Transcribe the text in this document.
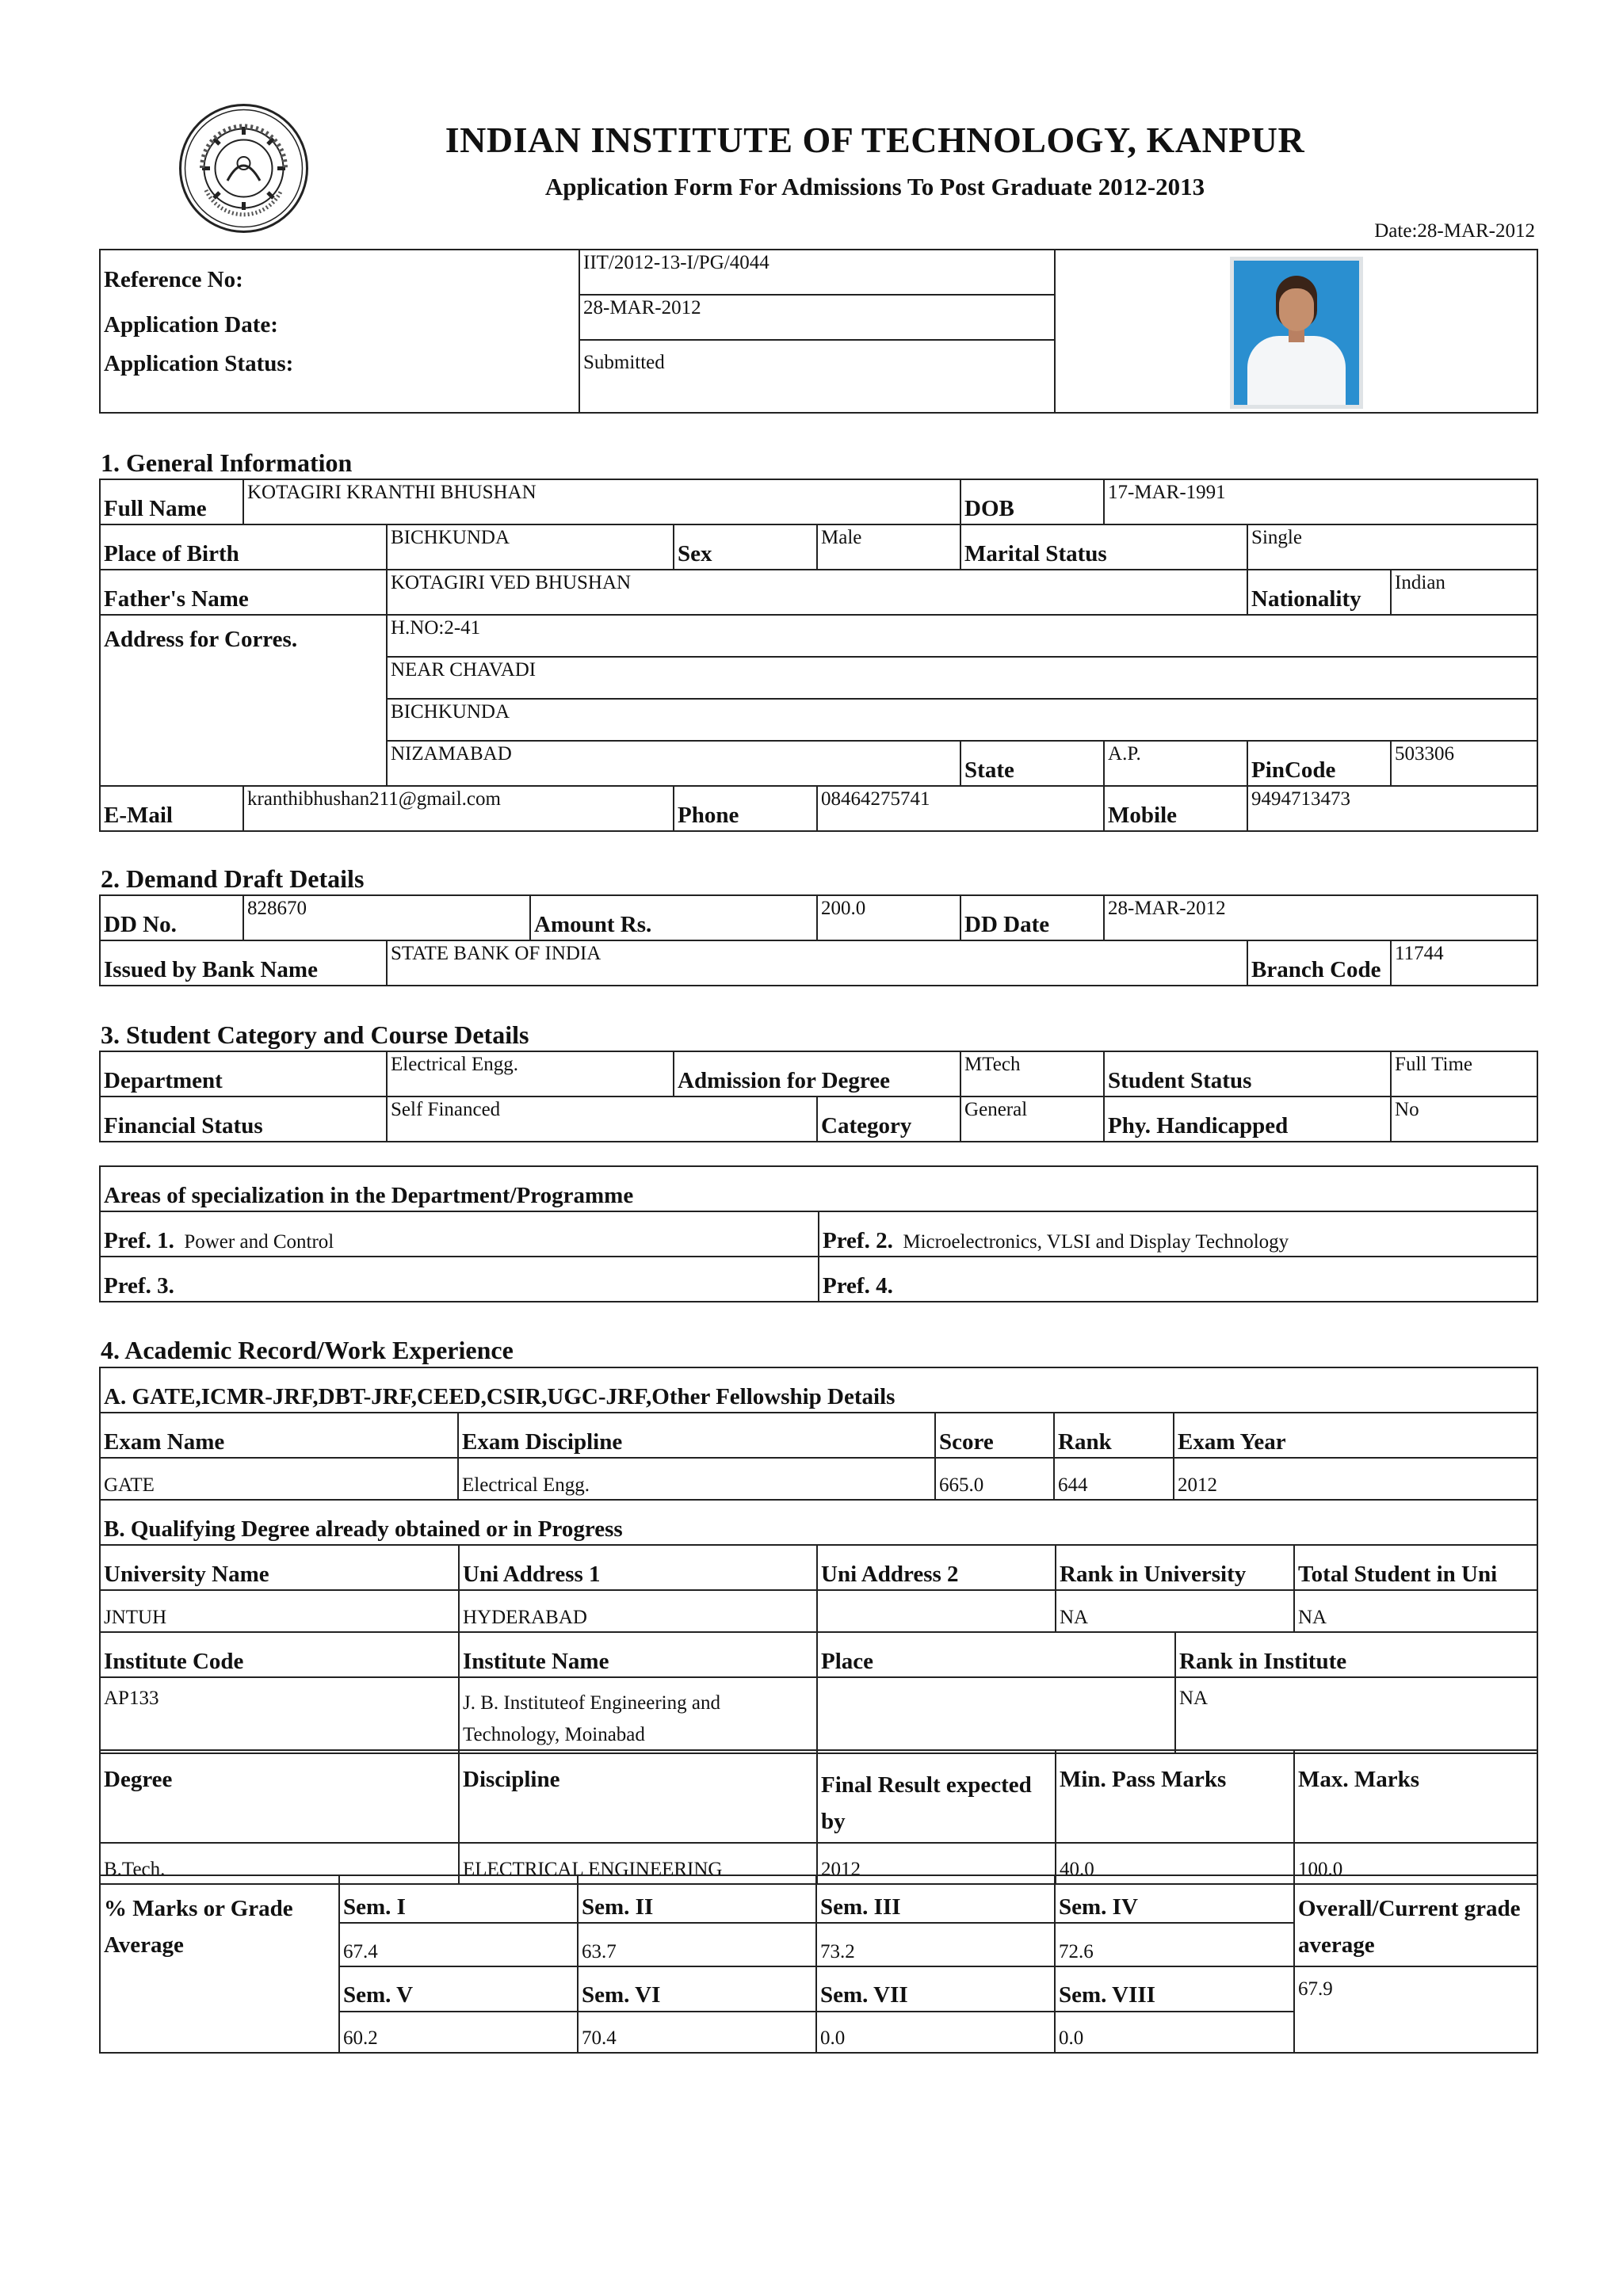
INDIAN INSTITUTE OF TECHNOLOGY, KANPUR
Application Form For Admissions To Post Graduate 2012-2013
Date:28-MAR-2012
Reference No:	IIT/2012-13-I/PG/4044	

Application Date:	28-MAR-2012	
Application Status:	Submitted	
1. General Information
Full Name	KOTAGIRI KRANTHI BHUSHAN				DOB	17-MAR-1991		
Place of Birth		BICHKUNDA	Sex	Male	Marital Status		Single	
Father's Name		KOTAGIRI VED BHUSHAN					Nationality	Indian
Address for Corres.		H.NO:2-41						
		NEAR CHAVADI						
		BICHKUNDA						
		NIZAMABAD			State	A.P.	PinCode	503306
E-Mail	kranthibhushan211@gmail.com		Phone	08464275741		Mobile	9494713473	
2. Demand Draft Details
DD No.	828670		Amount Rs.	200.0	DD Date	28-MAR-2012		
Issued by Bank Name		STATE BANK OF INDIA					Branch Code	11744
3. Student Category and Course Details
Department	Electrical Engg.	Admission for Degree		MTech	Student Status	Full Time
Financial Status	Self Financed		Category	General	Phy. Handicapped	No
Areas of specialization in the Department/Programme	
Pref. 1. Power and Control	Pref. 2. Microelectronics, VLSI and Display Technology
Pref. 3.	Pref. 4.
4. Academic Record/Work Experience
A. GATE,ICMR-JRF,DBT-JRF,CEED,CSIR,UGC-JRF,Other Fellowship Details				
Exam Name	Exam Discipline	Score	Rank	Exam Year
GATE	Electrical Engg.	665.0	644	2012
B. Qualifying Degree already obtained or in Progress				
University Name	Uni Address 1	Uni Address 2	Rank in University	Total Student in Uni
JNTUH	HYDERABAD		NA	NA
Institute Code	Institute Name	Place	Rank in Institute
AP133	J. B. Instituteof Engineering and Technology, Moinabad		NA
Degree	Discipline	Final Result expected by	Min. Pass Marks	Max. Marks
B.Tech.	ELECTRICAL ENGINEERING	2012	40.0	100.0
% Marks or Grade Average	Sem. I	Sem. II	Sem. III	Sem. IV	Overall/Current grade average
	67.4	63.7	73.2	72.6	
	Sem. V	Sem. VI	Sem. VII	Sem. VIII	67.9
	60.2	70.4	0.0	0.0	
